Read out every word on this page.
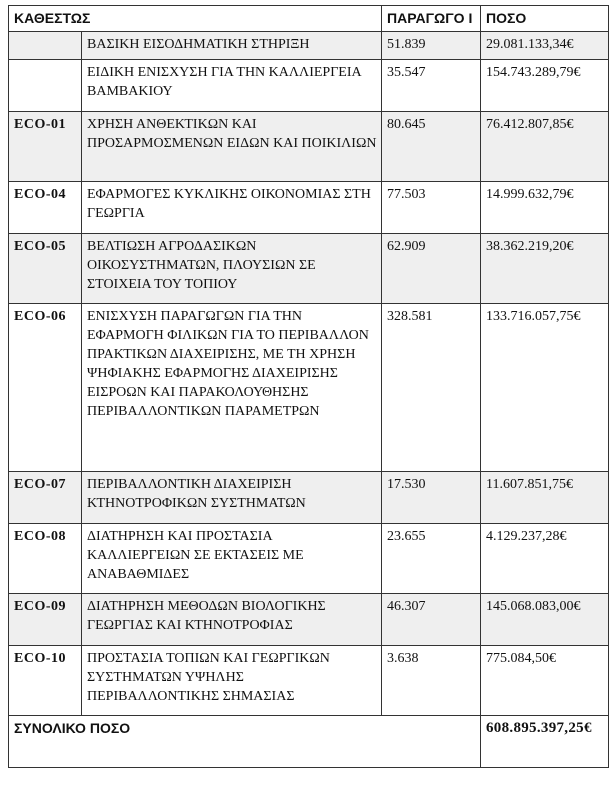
ΚΑΘΕΣΤΩΣ		ΠΑΡΑΓΩΓΟ Ι	ΠΟΣΟ
	ΒΑΣΙΚΗ ΕΙΣΟΔΗΜΑΤΙΚΗ ΣΤΗΡΙΞΗ	51.839	29.081.133,34€
	ΕΙΔΙΚΗ ΕΝΙΣΧΥΣΗ ΓΙΑ ΤΗΝ ΚΑΛΛΙΕΡΓΕΙΑ ΒΑΜΒΑΚΙΟΥ	35.547	154.743.289,79€
ECO-01	ΧΡΗΣΗ ΑΝΘΕΚΤΙΚΩΝ ΚΑΙ ΠΡΟΣΑΡΜΟΣΜΕΝΩΝ ΕΙΔΩΝ ΚΑΙ ΠΟΙΚΙΛΙΩΝ	80.645	76.412.807,85€
ECO-04	ΕΦΑΡΜΟΓΕΣ ΚΥΚΛΙΚΗΣ ΟΙΚΟΝΟΜΙΑΣ ΣΤΗ ΓΕΩΡΓΙΑ	77.503	14.999.632,79€
ECO-05	ΒΕΛΤΙΩΣΗ ΑΓΡΟΔΑΣΙΚΩΝ ΟΙΚΟΣΥΣΤΗΜΑΤΩΝ, ΠΛΟΥΣΙΩΝ ΣΕ ΣΤΟΙΧΕΙΑ ΤΟΥ ΤΟΠΙΟΥ	62.909	38.362.219,20€
ECO-06	ΕΝΙΣΧΥΣΗ ΠΑΡΑΓΩΓΩΝ ΓΙΑ ΤΗΝ ΕΦΑΡΜΟΓΗ ΦΙΛΙΚΩΝ ΓΙΑ ΤΟ ΠΕΡΙΒΑΛΛΟΝ ΠΡΑΚΤΙΚΩΝ ΔΙΑΧΕΙΡΙΣΗΣ, ΜΕ ΤΗ ΧΡΗΣΗ ΨΗΦΙΑΚΗΣ ΕΦΑΡΜΟΓΗΣ ΔΙΑΧΕΙΡΙΣΗΣ ΕΙΣΡΟΩΝ ΚΑΙ ΠΑΡΑΚΟΛΟΥΘΗΣΗΣ ΠΕΡΙΒΑΛΛΟΝΤΙΚΩΝ ΠΑΡΑΜΕΤΡΩΝ	328.581	133.716.057,75€
ECO-07	ΠΕΡΙΒΑΛΛΟΝΤΙΚΗ ΔΙΑΧΕΙΡΙΣΗ ΚΤΗΝΟΤΡΟΦΙΚΩΝ ΣΥΣΤΗΜΑΤΩΝ	17.530	11.607.851,75€
ECO-08	ΔΙΑΤΗΡΗΣΗ ΚΑΙ ΠΡΟΣΤΑΣΙΑ ΚΑΛΛΙΕΡΓΕΙΩΝ ΣΕ ΕΚΤΑΣΕΙΣ ΜΕ ΑΝΑΒΑΘΜΙΔΕΣ	23.655	4.129.237,28€
ECO-09	ΔΙΑΤΗΡΗΣΗ ΜΕΘΟΔΩΝ ΒΙΟΛΟΓΙΚΗΣ ΓΕΩΡΓΙΑΣ ΚΑΙ ΚΤΗΝΟΤΡΟΦΙΑΣ	46.307	145.068.083,00€
ECO-10	ΠΡΟΣΤΑΣΙΑ ΤΟΠΙΩΝ ΚΑΙ ΓΕΩΡΓΙΚΩΝ ΣΥΣΤΗΜΑΤΩΝ ΥΨΗΛΗΣ ΠΕΡΙΒΑΛΛΟΝΤΙΚΗΣ ΣΗΜΑΣΙΑΣ	3.638	775.084,50€
ΣΥΝΟΛΙΚΟ ΠΟΣΟ			608.895.397,25€
